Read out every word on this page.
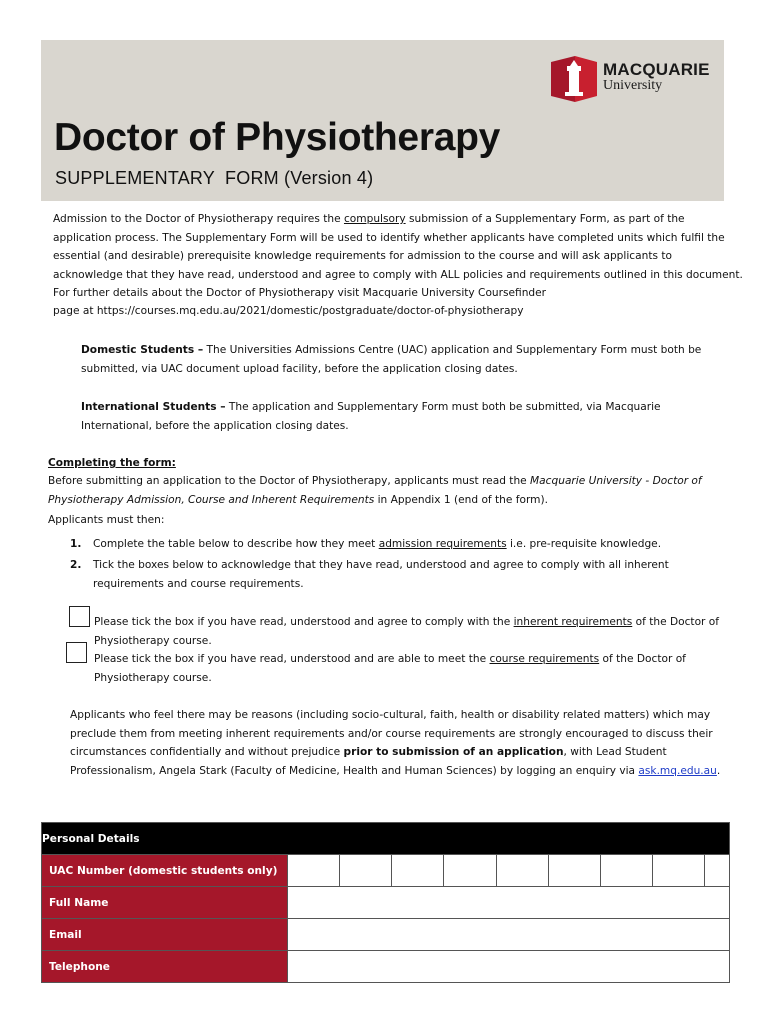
MACQUARIE
University
Doctor of Physiotherapy
SUPPLEMENTARY  FORM (Version 4)
Admission to the Doctor of Physiotherapy requires the compulsory submission of a Supplementary Form, as part of the application process. The Supplementary Form will be used to identify whether applicants have completed units which fulfil the essential (and desirable) prerequisite knowledge requirements for admission to the course and will ask applicants to acknowledge that they have read, understood and agree to comply with ALL policies and requirements outlined in this document. For further details about the Doctor of Physiotherapy visit Macquarie University Coursefinder
page at https://courses.mq.edu.au/2021/domestic/postgraduate/doctor-of-physiotherapy
Domestic Students – The Universities Admissions Centre (UAC) application and Supplementary Form must both be submitted, via UAC document upload facility, before the application closing dates.
International Students – The application and Supplementary Form must both be submitted, via Macquarie International, before the application closing dates.
Completing the form:
Before submitting an application to the Doctor of Physiotherapy, applicants must read the Macquarie University - Doctor of Physiotherapy Admission, Course and Inherent Requirements in Appendix 1 (end of the form).
Applicants must then:
1. Complete the table below to describe how they meet admission requirements i.e. pre-requisite knowledge.
2. Tick the boxes below to acknowledge that they have read, understood and agree to comply with all inherent requirements and course requirements.
Please tick the box if you have read, understood and agree to comply with the inherent requirements of the Doctor of Physiotherapy course.
Please tick the box if you have read, understood and are able to meet the course requirements of the Doctor of Physiotherapy course.
Applicants who feel there may be reasons (including socio-cultural, faith, health or disability related matters) which may preclude them from meeting inherent requirements and/or course requirements are strongly encouraged to discuss their circumstances confidentially and without prejudice prior to submission of an application, with Lead Student Professionalism, Angela Stark (Faculty of Medicine, Health and Human Sciences) by logging an enquiry via ask.mq.edu.au.
Personal Details									
UAC Number (domestic students only)									
Full Name									
Email									
Telephone									
